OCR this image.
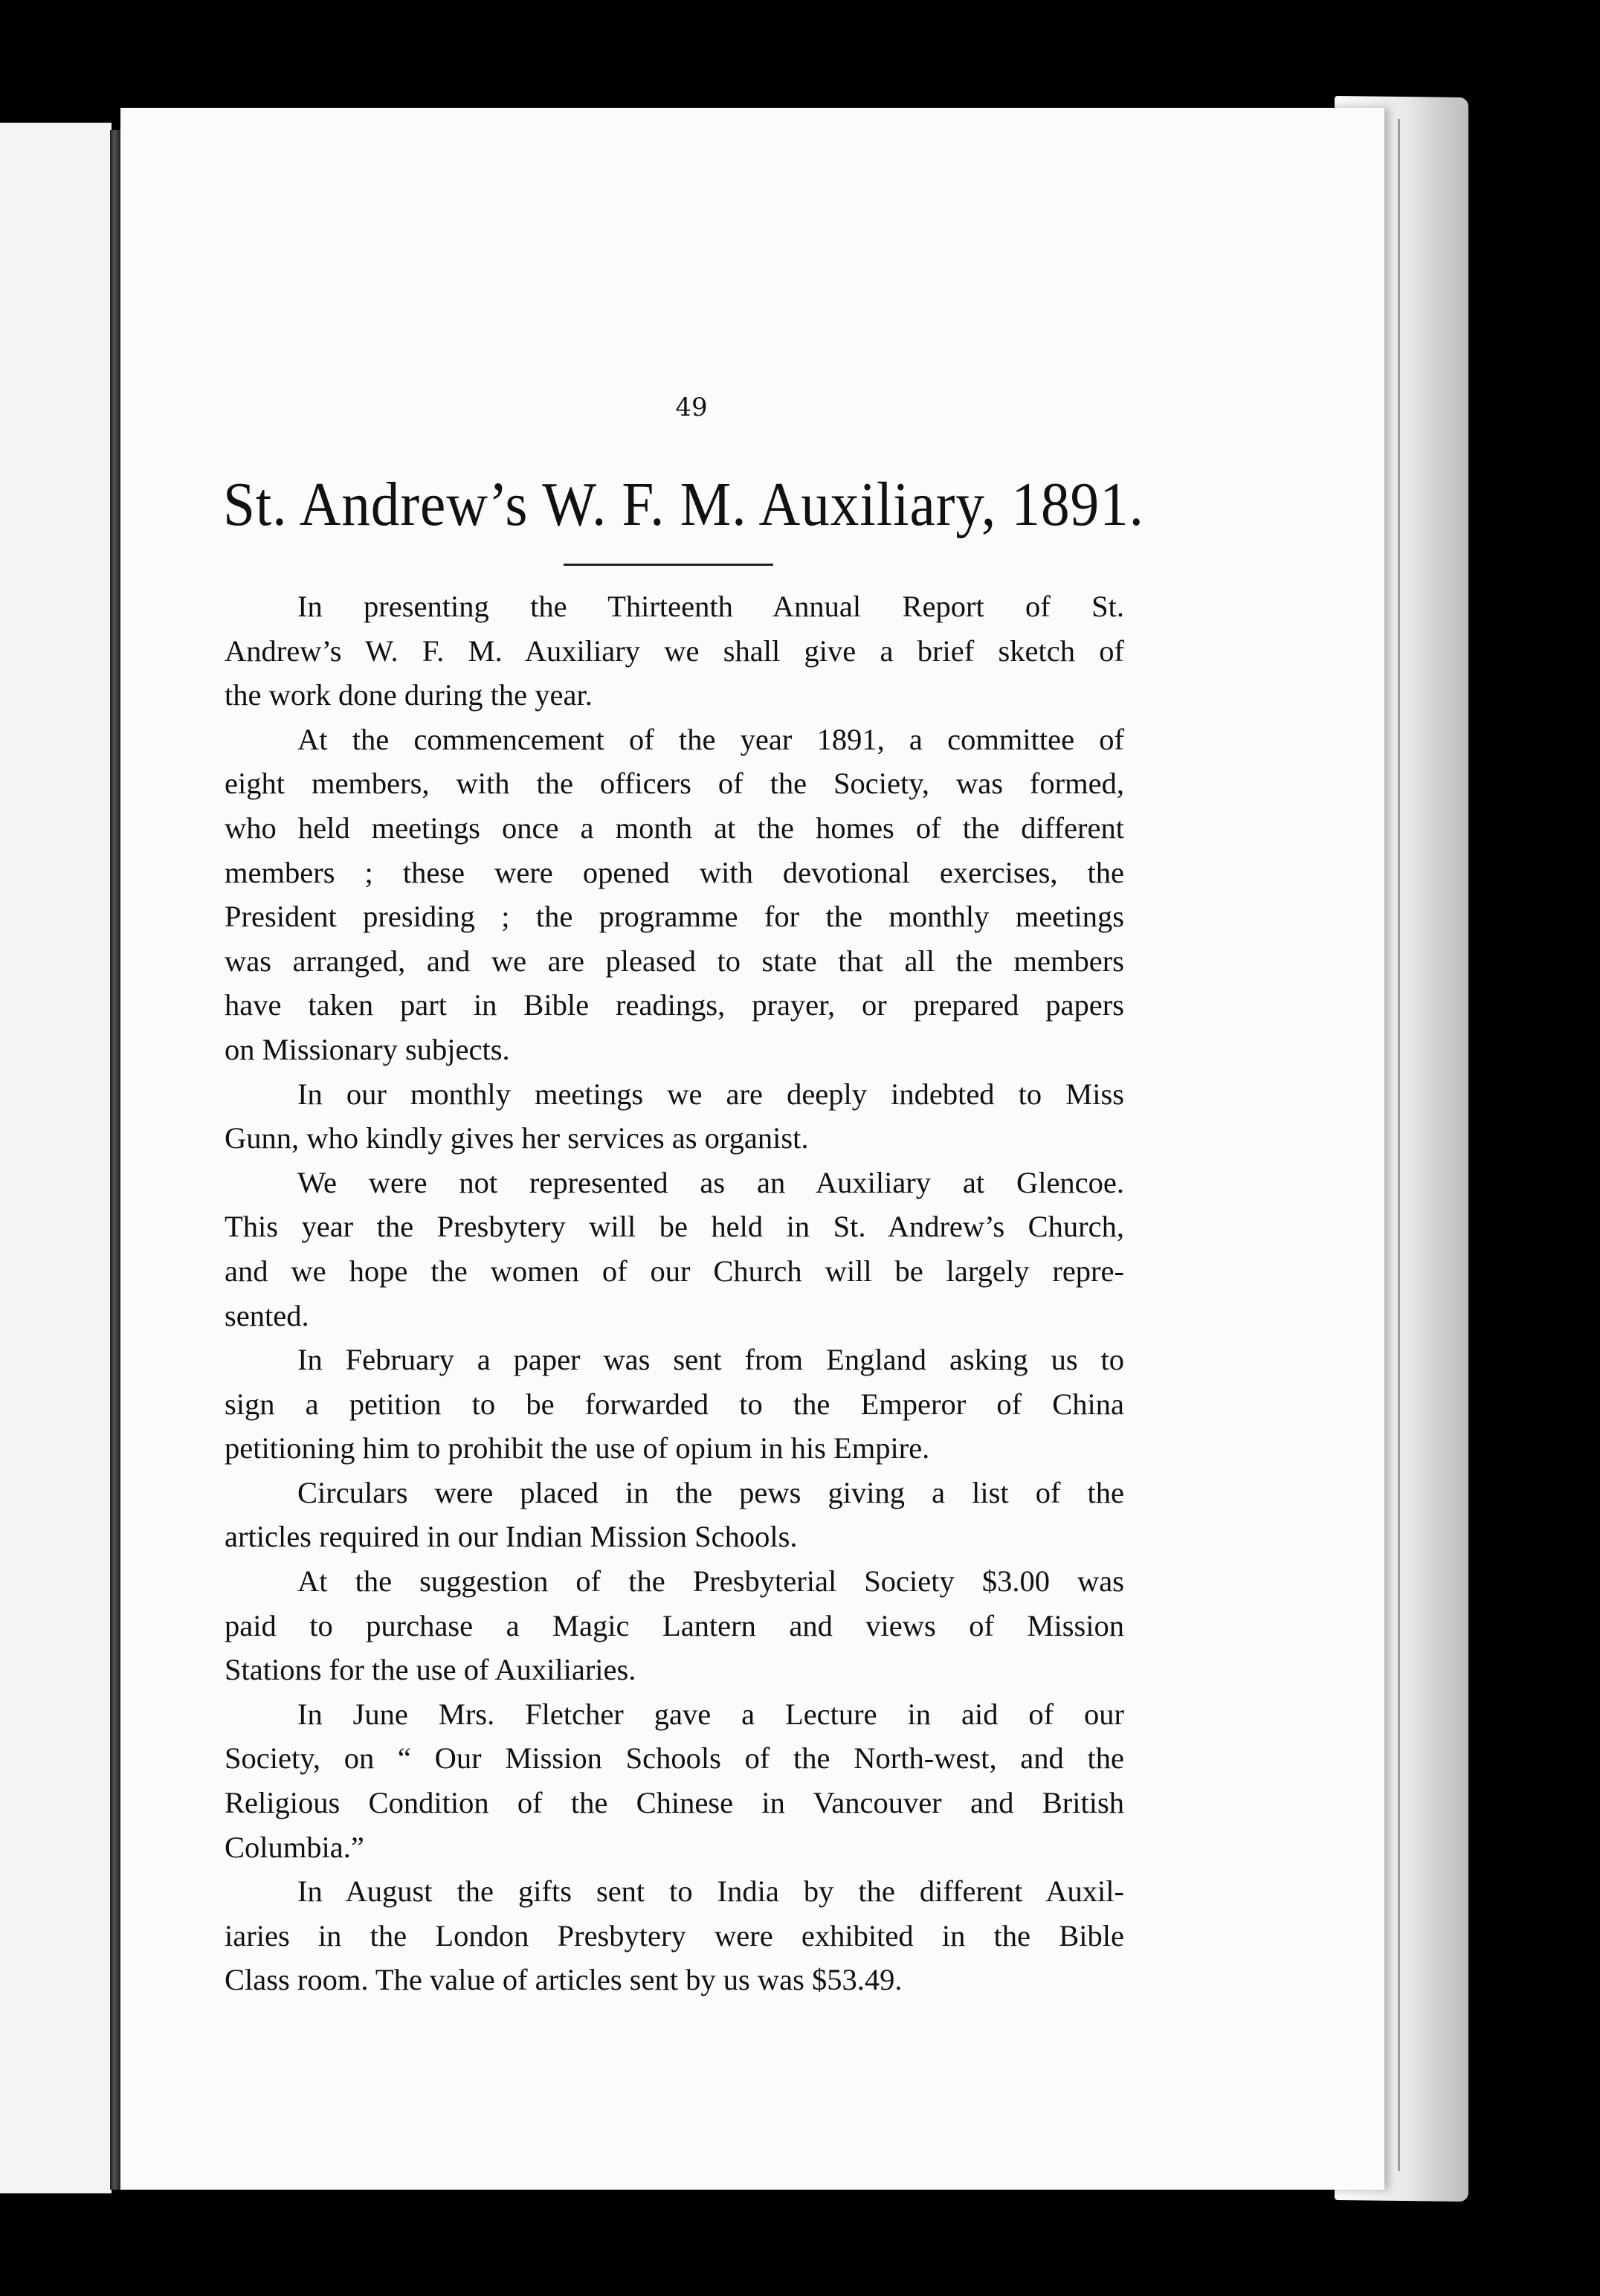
49
St. Andrew’s W. F. M. Auxiliary, 1891.
In presenting the Thirteenth Annual Report of St.
Andrew’s W. F. M. Auxiliary we shall give a brief sketch of
the work done during the year.
At the commencement of the year 1891, a committee of
eight members, with the officers of the Society, was formed,
who held meetings once a month at the homes of the different
members ; these were opened with devotional exercises, the
President presiding ; the programme for the monthly meetings
was arranged, and we are pleased to state that all the members
have taken part in Bible readings, prayer, or prepared papers
on Missionary subjects.
In our monthly meetings we are deeply indebted to Miss
Gunn, who kindly gives her services as organist.
We were not represented as an Auxiliary at Glencoe.
This year the Presbytery will be held in St. Andrew’s Church,
and we hope the women of our Church will be largely repre-
sented.
In February a paper was sent from England asking us to
sign a petition to be forwarded to the Emperor of China
petitioning him to prohibit the use of opium in his Empire.
Circulars were placed in the pews giving a list of the
articles required in our Indian Mission Schools.
At the suggestion of the Presbyterial Society $3.00 was
paid to purchase a Magic Lantern and views of Mission
Stations for the use of Auxiliaries.
In June Mrs. Fletcher gave a Lecture in aid of our
Society, on “ Our Mission Schools of the North-west, and the
Religious Condition of the Chinese in Vancouver and British
Columbia.”
In August the gifts sent to India by the different Auxil-
iaries in the London Presbytery were exhibited in the Bible
Class room. The value of articles sent by us was $53.49.
